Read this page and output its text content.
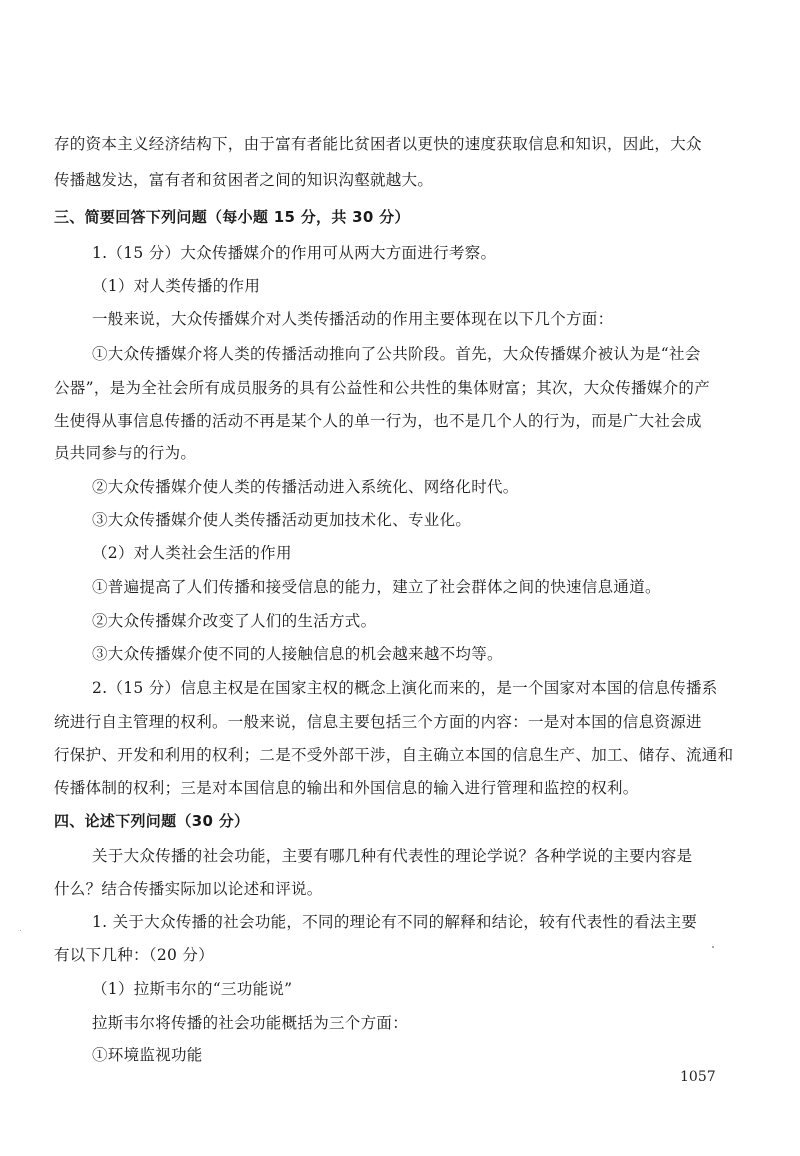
存的资本主义经济结构下，由于富有者能比贫困者以更快的速度获取信息和知识，因此，大众
传播越发达，富有者和贫困者之间的知识沟壑就越大。
三、简要回答下列问题（每小题 15 分，共 30 分）
1.（15 分）大众传播媒介的作用可从两大方面进行考察。
（1）对人类传播的作用
一般来说，大众传播媒介对人类传播活动的作用主要体现在以下几个方面：
①大众传播媒介将人类的传播活动推向了公共阶段。首先，大众传播媒介被认为是“社会
公器”，是为全社会所有成员服务的具有公益性和公共性的集体财富；其次，大众传播媒介的产
生使得从事信息传播的活动不再是某个人的单一行为，也不是几个人的行为，而是广大社会成
员共同参与的行为。
②大众传播媒介使人类的传播活动进入系统化、网络化时代。
③大众传播媒介使人类传播活动更加技术化、专业化。
（2）对人类社会生活的作用
①普遍提高了人们传播和接受信息的能力，建立了社会群体之间的快速信息通道。
②大众传播媒介改变了人们的生活方式。
③大众传播媒介使不同的人接触信息的机会越来越不均等。
2.（15 分）信息主权是在国家主权的概念上演化而来的，是一个国家对本国的信息传播系
统进行自主管理的权利。一般来说，信息主要包括三个方面的内容：一是对本国的信息资源进
行保护、开发和利用的权利；二是不受外部干涉，自主确立本国的信息生产、加工、储存、流通和
传播体制的权利；三是对本国信息的输出和外国信息的输入进行管理和监控的权利。
四、论述下列问题（30 分）
关于大众传播的社会功能，主要有哪几种有代表性的理论学说？各种学说的主要内容是
什么？结合传播实际加以论述和评说。
1. 关于大众传播的社会功能，不同的理论有不同的解释和结论，较有代表性的看法主要
有以下几种：（20 分）
（1）拉斯韦尔的“三功能说”
拉斯韦尔将传播的社会功能概括为三个方面：
①环境监视功能
1057
